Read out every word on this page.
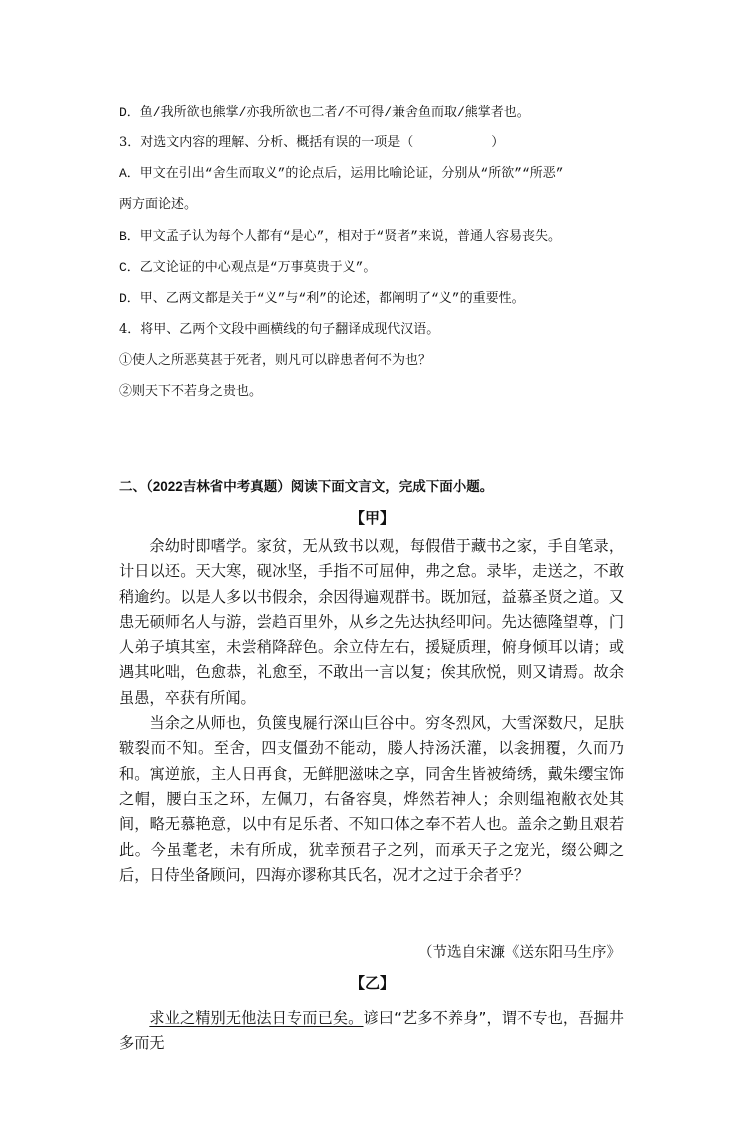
D．鱼/我所欲也熊掌/亦我所欲也二者/不可得/兼舍鱼而取/熊掌者也。
3．对选文内容的理解、分析、概括有误的一项是（	）
A．甲文在引出“舍生而取义”的论点后，运用比喻论证，分别从“所欲”“所恶”
两方面论述。
B．甲文孟子认为每个人都有“是心”，相对于“贤者”来说，普通人容易丧失。
C．乙文论证的中心观点是“万事莫贵于义”。
D．甲、乙两文都是关于“义”与“利”的论述，都阐明了“义”的重要性。
4．将甲、乙两个文段中画横线的句子翻译成现代汉语。
①使人之所恶莫甚于死者，则凡可以辟患者何不为也？
②则天下不若身之贵也。
二、（2022吉林省中考真题）阅读下面文言文，完成下面小题。
【甲】

余幼时即嗜学。家贫，无从致书以观，每假借于藏书之家，手自笔录，计日以还。天大寒，砚冰坚，手指不可屈伸，弗之怠。录毕，走送之，不敢稍逾约。以是人多以书假余，余因得遍观群书。既加冠，益慕圣贤之道。又患无硕师名人与游，尝趋百里外，从乡之先达执经叩问。先达德隆望尊，门人弟子填其室，未尝稍降辞色。余立侍左右，援疑质理，俯身倾耳以请；或遇其叱咄，色愈恭，礼愈至，不敢出一言以复；俟其欣悦，则又请焉。故余虽愚，卒获有所闻。

当余之从师也，负箧曳屣行深山巨谷中。穷冬烈风，大雪深数尺，足肤皲裂而不知。至舍，四支僵劲不能动，媵人持汤沃灌，以衾拥覆，久而乃和。寓逆旅，主人日再食，无鲜肥滋味之享，同舍生皆被绮绣，戴朱缨宝饰之帽，腰白玉之环，左佩刀，右备容臭，烨然若神人；余则缊袍敝衣处其间，略无慕艳意，以中有足乐者、不知口体之奉不若人也。盖余之勤且艰若此。今虽耄老，未有所成，犹幸预君子之列，而承天子之宠光，缀公卿之后，日侍坐备顾问，四海亦谬称其氏名，况才之过于余者乎？

（节选自宋濂《送东阳马生序》
【乙】

求业之精别无他法日专而已矣。谚曰“艺多不养身”，谓不专也，吾掘井多而无
